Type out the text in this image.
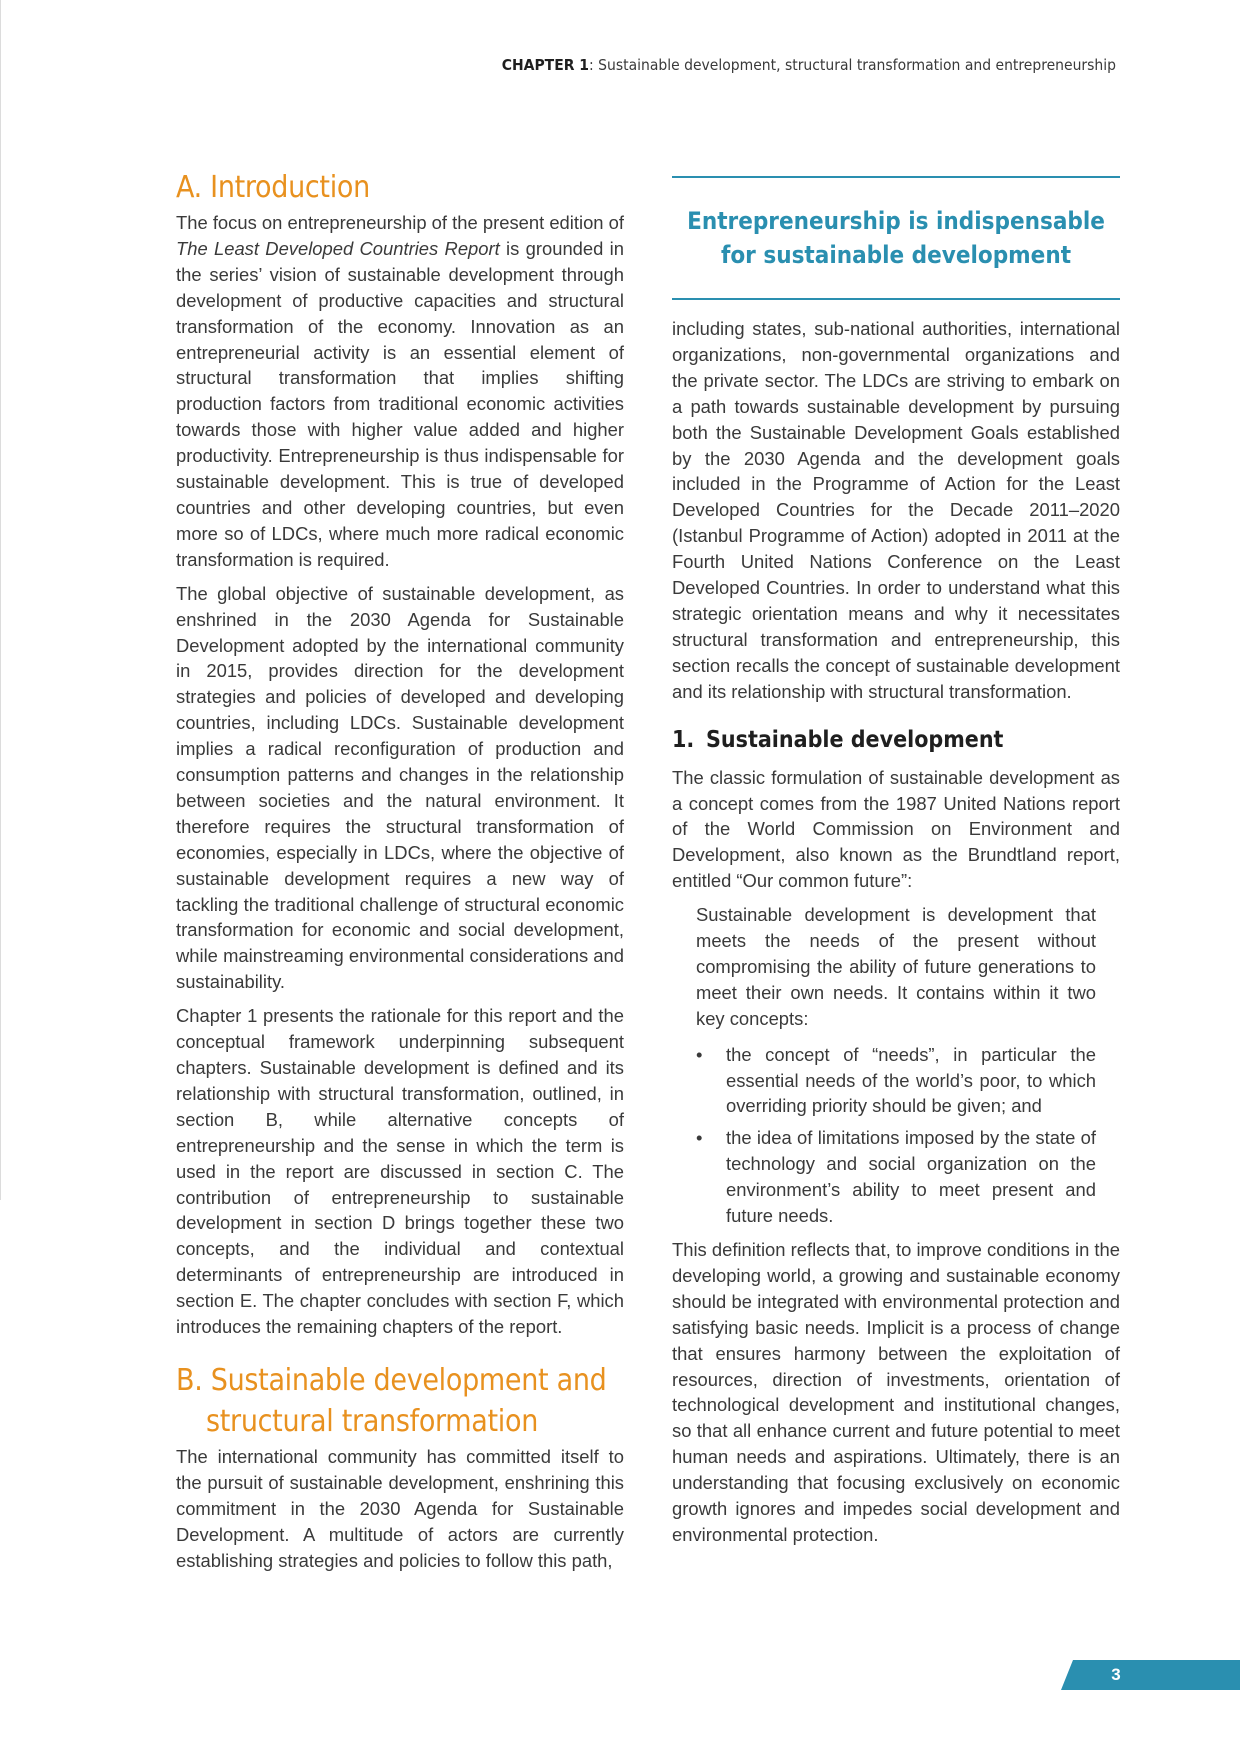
CHAPTER 1: Sustainable development, structural transformation and entrepreneurship
A. Introduction

The focus on entrepreneurship of the present edition of The Least Developed Countries Report is grounded in the series’ vision of sustainable development through development of productive capacities and structural transformation of the economy. Innovation as an entrepreneurial activity is an essential element of structural transformation that implies shifting production factors from traditional economic activities towards those with higher value added and higher productivity. Entrepreneurship is thus indispensable for sustainable development. This is true of developed countries and other developing countries, but even more so of LDCs, where much more radical economic transformation is required.

The global objective of sustainable development, as enshrined in the 2030 Agenda for Sustainable Development adopted by the international community in 2015, provides direction for the development strategies and policies of developed and developing countries, including LDCs. Sustainable development implies a radical reconfiguration of production and consumption patterns and changes in the relationship between societies and the natural environment. It therefore requires the structural transformation of economies, especially in LDCs, where the objective of sustainable development requires a new way of tackling the traditional challenge of structural economic transformation for economic and social development, while mainstreaming environmental considerations and sustainability.

Chapter 1 presents the rationale for this report and the conceptual framework underpinning subsequent chapters. Sustainable development is defined and its relationship with structural transformation, outlined, in section B, while alternative concepts of entrepreneurship and the sense in which the term is used in the report are discussed in section C. The contribution of entrepreneurship to sustainable development in section D brings together these two concepts, and the individual and contextual determinants of entrepreneurship are introduced in section E. The chapter concludes with section F, which introduces the remaining chapters of the report.

B. Sustainable development and structural transformation

The international community has committed itself to the pursuit of sustainable development, enshrining this commitment in the 2030 Agenda for Sustainable Development. A multitude of actors are currently establishing strategies and policies to follow this path,

Entrepreneurship is indispensable for sustainable development

including states, sub-national authorities, international organizations, non-governmental organizations and the private sector. The LDCs are striving to embark on a path towards sustainable development by pursuing both the Sustainable Development Goals established by the 2030 Agenda and the development goals included in the Programme of Action for the Least Developed Countries for the Decade 2011–2020 (Istanbul Programme of Action) adopted in 2011 at the Fourth United Nations Conference on the Least Developed Countries. In order to understand what this strategic orientation means and why it necessitates structural transformation and entrepreneurship, this section recalls the concept of sustainable development and its relationship with structural transformation.

1. Sustainable development

The classic formulation of sustainable development as a concept comes from the 1987 United Nations report of the World Commission on Environment and Development, also known as the Brundtland report, entitled “Our common future”:

Sustainable development is development that meets the needs of the present without compromising the ability of future generations to meet their own needs. It contains within it two key concepts:

• the concept of “needs”, in particular the essential needs of the world’s poor, to which overriding priority should be given; and

• the idea of limitations imposed by the state of technology and social organization on the environment’s ability to meet present and future needs.

This definition reflects that, to improve conditions in the developing world, a growing and sustainable economy should be integrated with environmental protection and satisfying basic needs. Implicit is a process of change that ensures harmony between the exploitation of resources, direction of investments, orientation of technological development and institutional changes, so that all enhance current and future potential to meet human needs and aspirations. Ultimately, there is an understanding that focusing exclusively on economic growth ignores and impedes social development and environmental protection.

3
